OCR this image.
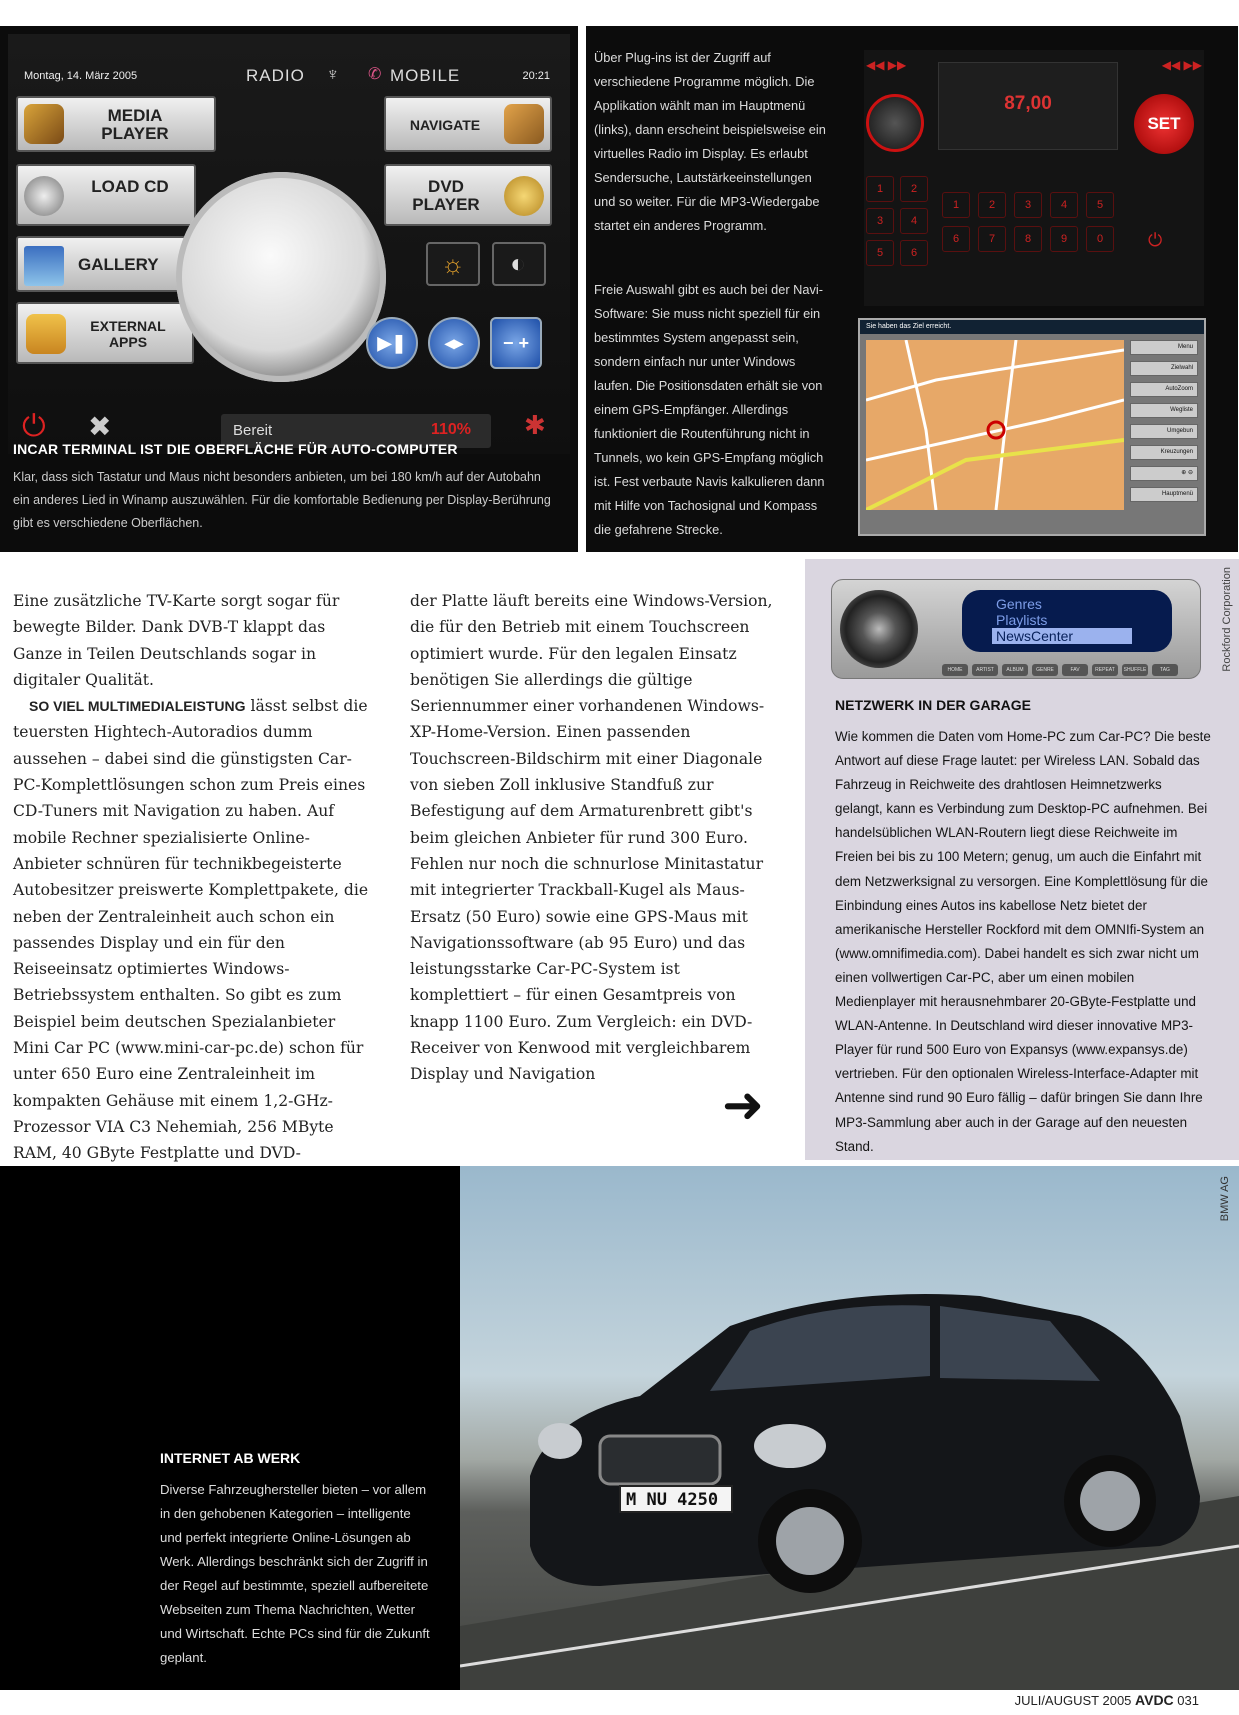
Montag, 14. März 2005	RADIO ♆ ✆ MOBILE	20:21
MEDIA PLAYER
LOAD CD
GALLERY
EXTERNAL APPS
NAVIGATE
DVD PLAYER
☼ ◐
▶❚	◂▸	− +
⏻ ✖	Bereit	110% ✱
INCAR TERMINAL IST DIE OBERFLÄCHE FÜR AUTO-COMPUTER
Klar, dass sich Tastatur und Maus nicht besonders anbieten, um bei 180 km/h auf der Autobahn ein anderes Lied in Winamp auszuwählen. Für die komfortable Bedienung per Display-Berührung gibt es verschiedene Oberflächen.
Über Plug-ins ist der Zugriff auf verschiedene Programme möglich. Die Applikation wählt man im Hauptmenü (links), dann erscheint beispielsweise ein virtuelles Radio im Display. Es erlaubt Sendersuche, Lautstärkeeinstellungen und so weiter. Für die MP3-Wiedergabe startet ein anderes Programm.
Freie Auswahl gibt es auch bei der Navi-Software: Sie muss nicht speziell für ein bestimmtes System angepasst sein, sondern einfach nur unter Windows laufen. Die Positionsdaten erhält sie von einem GPS-Empfänger. Allerdings funktioniert die Routenführung nicht in Tunnels, wo kein GPS-Empfang möglich ist. Fest verbaute Navis kalkulieren dann mit Hilfe von Tachosignal und Kompass die gefahrene Strecke.
◀◀ ▶▶	◀◀ ▶▶
87,00
SET
1	2
3	4
5	6
1	2	3	4	5
6	7	8	9	0	⏻
Sie haben das Ziel erreicht.
Menu
Zielwahl
AutoZoom
Wegliste
Umgebun
Kreuzungen
⊕ ⊖
Hauptmenü
Eine zusätzliche TV-Karte sorgt sogar für bewegte Bilder. Dank DVB-T klappt das Ganze in Teilen Deutschlands sogar in digitaler Qualität.
SO VIEL MULTIMEDIALEISTUNG lässt selbst die teuersten Hightech-Autoradios dumm aussehen – dabei sind die günstigsten Car-PC-Komplettlösungen schon zum Preis eines CD-Tuners mit Navigation zu haben. Auf mobile Rechner spezialisierte Online-Anbieter schnüren für technikbegeisterte Autobesitzer preiswerte Komplettpakete, die neben der Zentraleinheit auch schon ein passendes Display und ein für den Reiseeinsatz optimiertes Windows-Betriebssystem enthalten. So gibt es zum Beispiel beim deutschen Spezialanbieter Mini Car PC (www.mini-car-pc.de) schon für unter 650 Euro eine Zentraleinheit im kompakten Gehäuse mit einem 1,2-GHz-Prozessor VIA C3 Nehemiah, 256 MByte RAM, 40 GByte Festplatte und DVD-
der Platte läuft bereits eine Windows-Version, die für den Betrieb mit einem Touchscreen optimiert wurde. Für den legalen Einsatz benötigen Sie allerdings die gültige Seriennummer einer vorhandenen Windows-XP-Home-Version. Einen passenden Touchscreen-Bildschirm mit einer Diagonale von sieben Zoll inklusive Standfuß zur Befestigung auf dem Armaturenbrett gibt's beim gleichen Anbieter für rund 300 Euro. Fehlen nur noch die schnurlose Minitastatur mit integrierter Trackball-Kugel als Maus-Ersatz (50 Euro) sowie eine GPS-Maus mit Navigationssoftware (ab 95 Euro) und das leistungsstarke Car-PC-System ist komplettiert – für einen Gesamtpreis von knapp 1100 Euro. Zum Vergleich: ein DVD-Receiver von Kenwood mit vergleichbarem Display und Navigation
➜
Genres
Playlists
NewsCenter
HOME	ARTIST	ALBUM	GENRE	FAV	REPEAT SHUFFLE	TAG	Rockford Corporation
NETZWERK IN DER GARAGE
Wie kommen die Daten vom Home-PC zum Car-PC? Die beste Antwort auf diese Frage lautet: per Wireless LAN. Sobald das Fahrzeug in Reichweite des drahtlosen Heimnetzwerks gelangt, kann es Verbindung zum Desktop-PC aufnehmen. Bei handelsüblichen WLAN-Routern liegt diese Reichweite im Freien bei bis zu 100 Metern; genug, um auch die Einfahrt mit dem Netzwerksignal zu versorgen. Eine Komplettlösung für die Einbindung eines Autos ins kabellose Netz bietet der amerikanische Hersteller Rockford mit dem OMNIfi-System an (www.omnifimedia.com). Dabei handelt es sich zwar nicht um einen vollwertigen Car-PC, aber um einen mobilen Medienplayer mit herausnehmbarer 20-GByte-Festplatte und WLAN-Antenne. In Deutschland wird dieser innovative MP3-Player für rund 500 Euro von Expansys (www.expansys.de) vertrieben. Für den optionalen Wireless-Interface-Adapter mit Antenne sind rund 90 Euro fällig – dafür bringen Sie dann Ihre MP3-Sammlung aber auch in der Garage auf den neuesten Stand.
INTERNET AB WERK
Diverse Fahrzeughersteller bieten – vor allem in den gehobenen Kategorien – intelligente und perfekt integrierte Online-Lösungen ab Werk. Allerdings beschränkt sich der Zugriff in der Regel auf bestimmte, speziell aufbereitete Webseiten zum Thema Nachrichten, Wetter und Wirtschaft. Echte PCs sind für die Zukunft geplant.
M NU 4250
BMW AG
JULI/AUGUST 2005 AVDC 031
